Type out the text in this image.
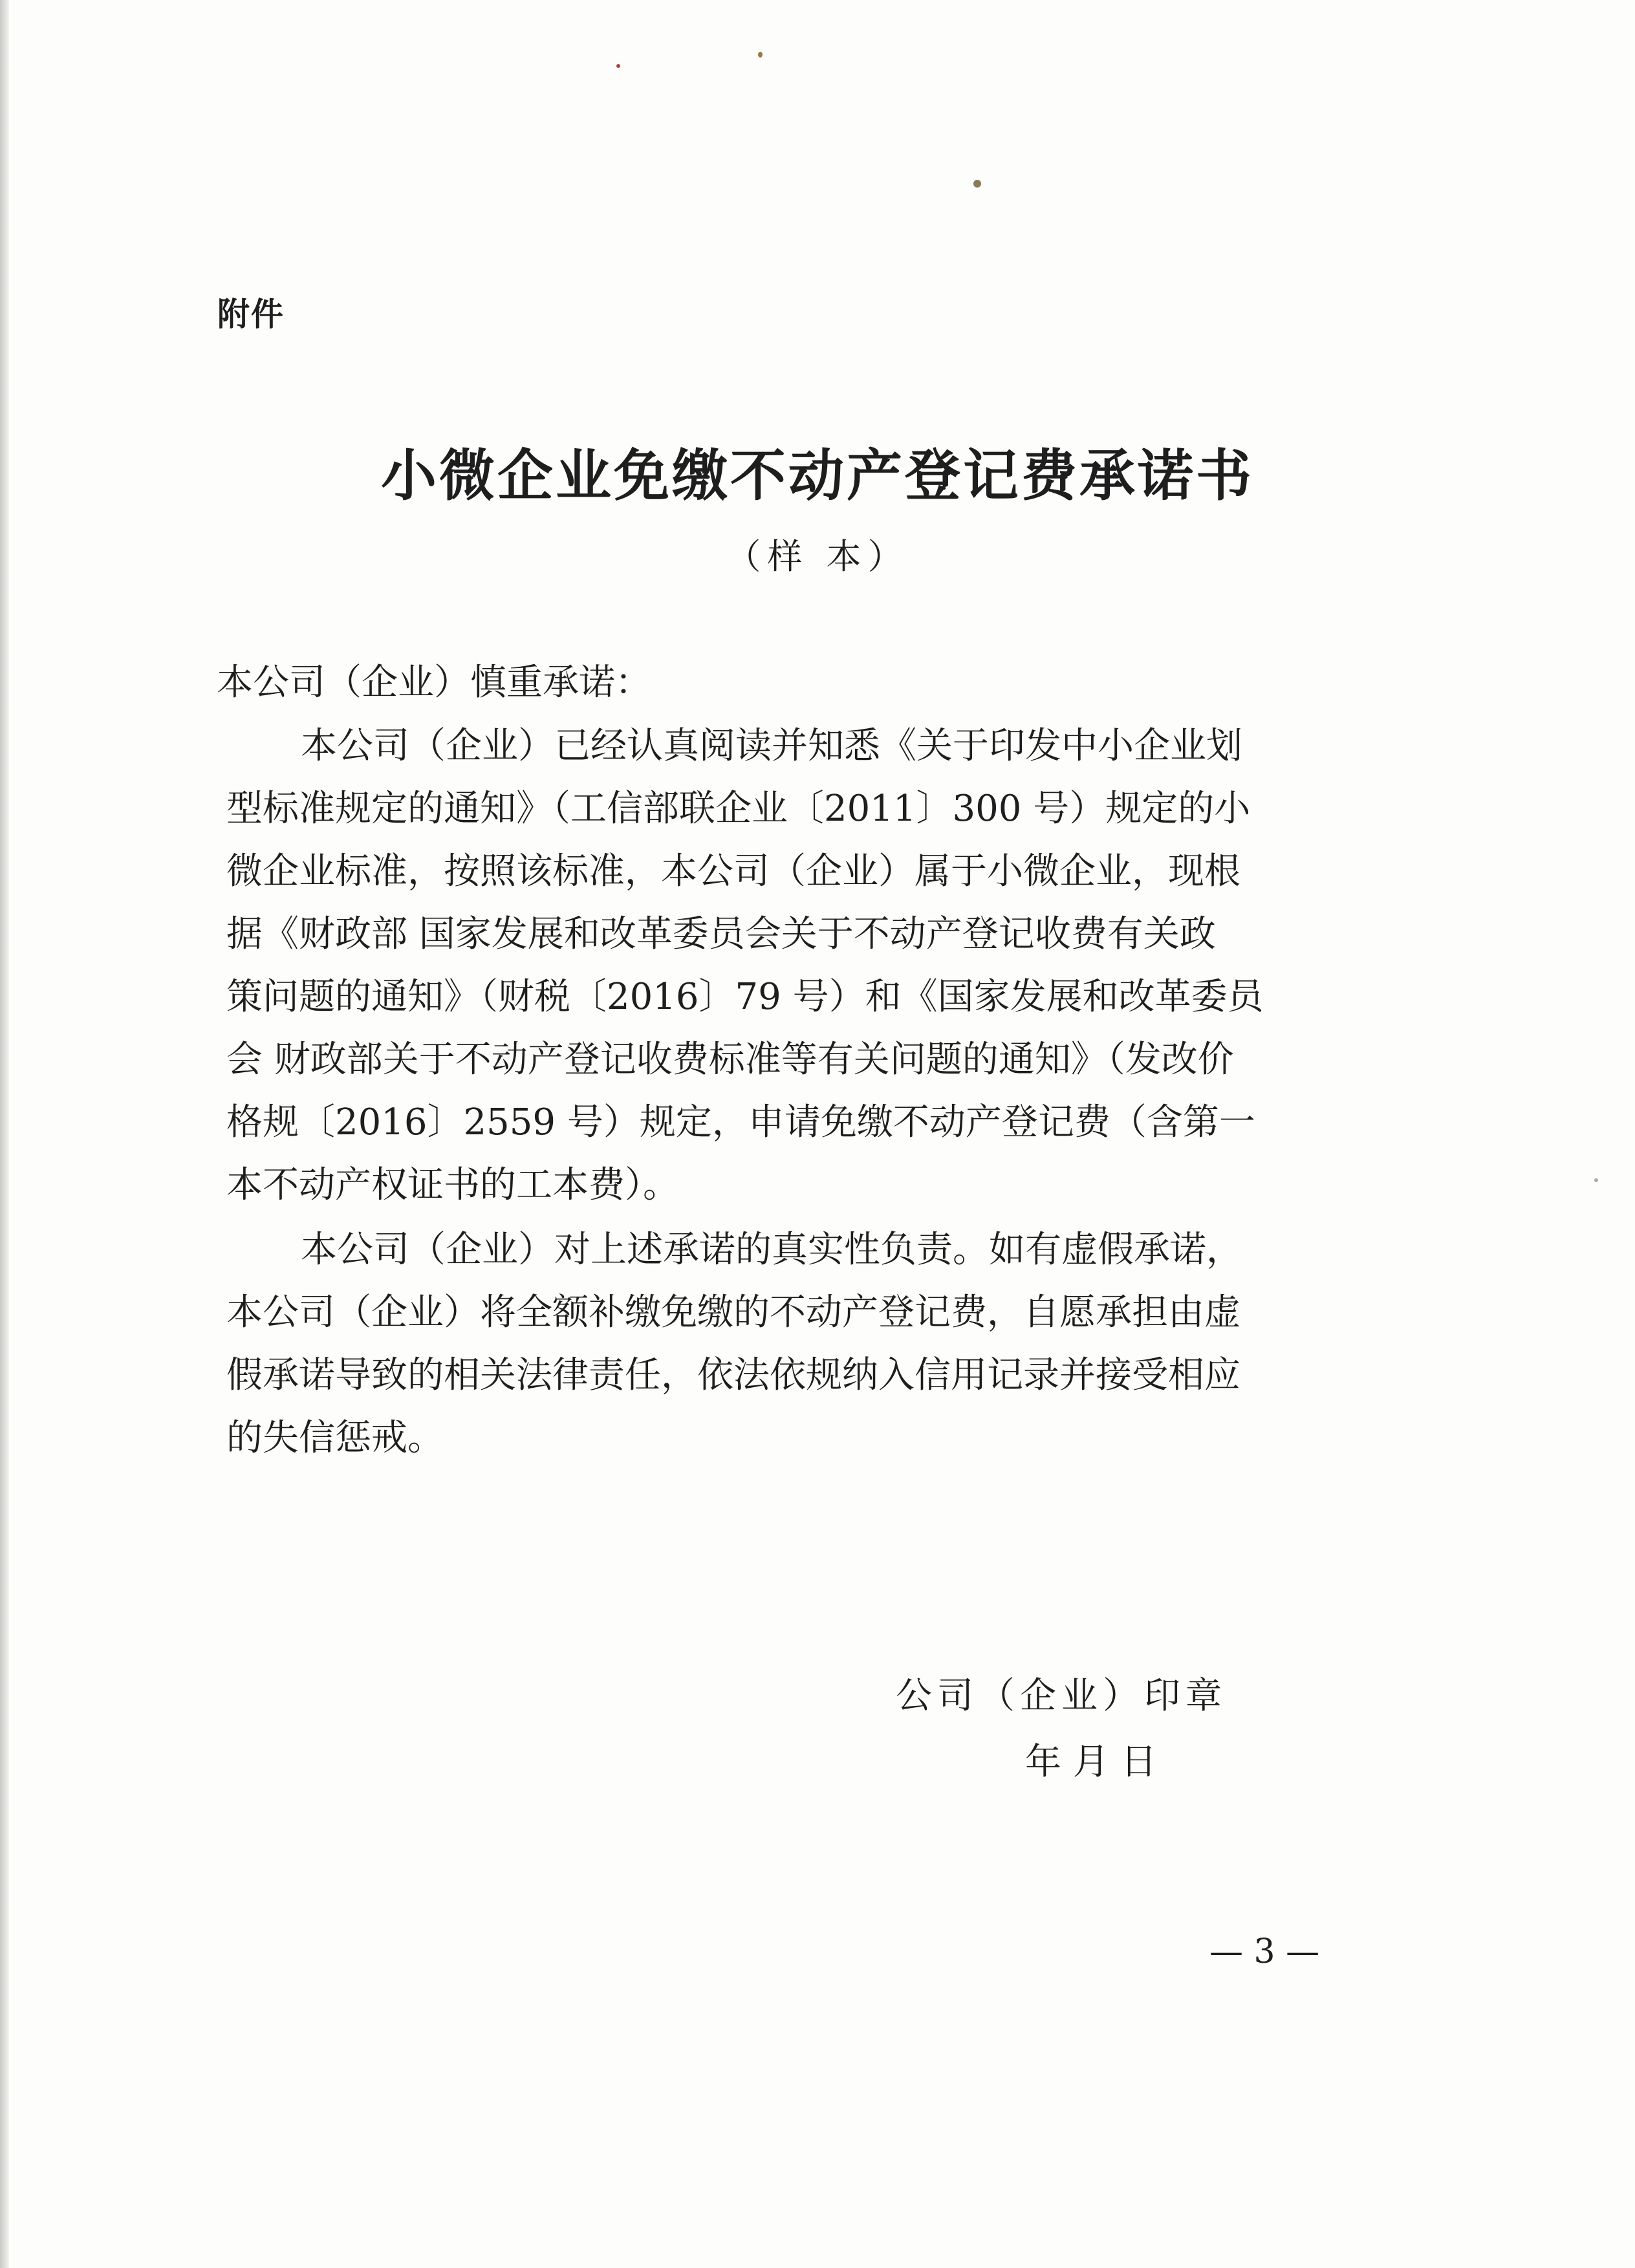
附件
小微企业免缴不动产登记费承诺书
（样 本）
本公司（企业）慎重承诺：
本公司（企业）已经认真阅读并知悉《关于印发中小企业划
型标准规定的通知》（工信部联企业〔2011〕300 号）规定的小
微企业标准，按照该标准，本公司（企业）属于小微企业，现根
据《财政部 国家发展和改革委员会关于不动产登记收费有关政
策问题的通知》（财税〔2016〕79 号）和《国家发展和改革委员
会 财政部关于不动产登记收费标准等有关问题的通知》（发改价
格规〔2016〕2559 号）规定，申请免缴不动产登记费（含第一
本不动产权证书的工本费）。
本公司（企业）对上述承诺的真实性负责。如有虚假承诺，
本公司（企业）将全额补缴免缴的不动产登记费，自愿承担由虚
假承诺导致的相关法律责任，依法依规纳入信用记录并接受相应
的失信惩戒。
公司（企业）印章
年 月 日
— 3 —
